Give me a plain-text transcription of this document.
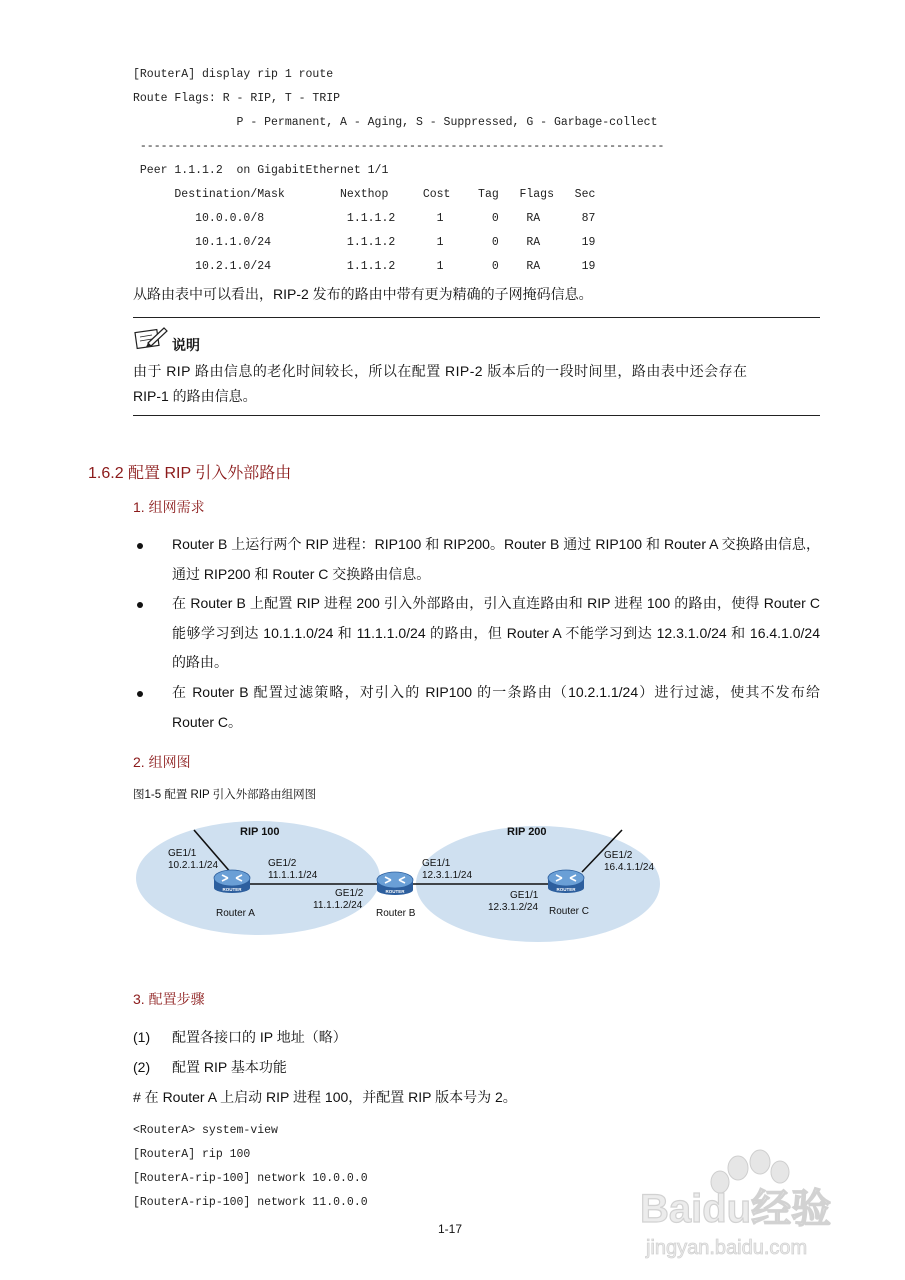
[RouterA] display rip 1 route
Route Flags: R - RIP, T - TRIP
P - Permanent, A - Aging, S - Suppressed, G - Garbage-collect
----------------------------------------------------------------------------
Peer 1.1.1.2  on GigabitEthernet 1/1
Destination/Mask        Nexthop     Cost    Tag   Flags   Sec
10.0.0.0/8            1.1.1.2      1       0    RA      87
10.1.1.0/24           1.1.1.2      1       0    RA      19
10.2.1.0/24           1.1.1.2      1       0    RA      19
从路由表中可以看出，RIP-2 发布的路由中带有更为精确的子网掩码信息。
说明
由于 RIP 路由信息的老化时间较长，所以在配置 RIP-2 版本后的一段时间里，路由表中还会存在
RIP-1 的路由信息。
1.6.2 配置 RIP 引入外部路由
1. 组网需求
Router B 上运行两个 RIP 进程：RIP100 和 RIP200。Router B 通过 RIP100 和 Router A 交换路由信息，通过 RIP200 和 Router C 交换路由信息。
在 Router B 上配置 RIP 进程 200 引入外部路由，引入直连路由和 RIP 进程 100 的路由，使得 Router C 能够学习到达 10.1.1.0/24 和 11.1.1.0/24 的路由，但 Router A 不能学习到达 12.3.1.0/24 和 16.4.1.0/24 的路由。
在 Router B 配置过滤策略，对引入的 RIP100 的一条路由（10.2.1.1/24）进行过滤，使其不发布给 Router C。
2. 组网图
图1-5 配置 RIP 引入外部路由组网图
RIP 100	RIP 200
ROUTER	ROUTER	ROUTER
GE1/1
10.2.1.1/24	GE1/2
11.1.1.1/24
Router A
GE1/2
11.1.1.2/24
GE1/1
12.3.1.1/24
Router B
GE1/1
12.3.1.2/24
GE1/2
16.4.1.1/24
Router C
3. 配置步骤
(1) 配置各接口的 IP 地址（略）
(2) 配置 RIP 基本功能
# 在 Router A 上启动 RIP 进程 100，并配置 RIP 版本号为 2。
<RouterA> system-view
[RouterA] rip 100
[RouterA-rip-100] network 10.0.0.0
[RouterA-rip-100] network 11.0.0.0
1-17	Baidu经验
jingyan.baidu.com
